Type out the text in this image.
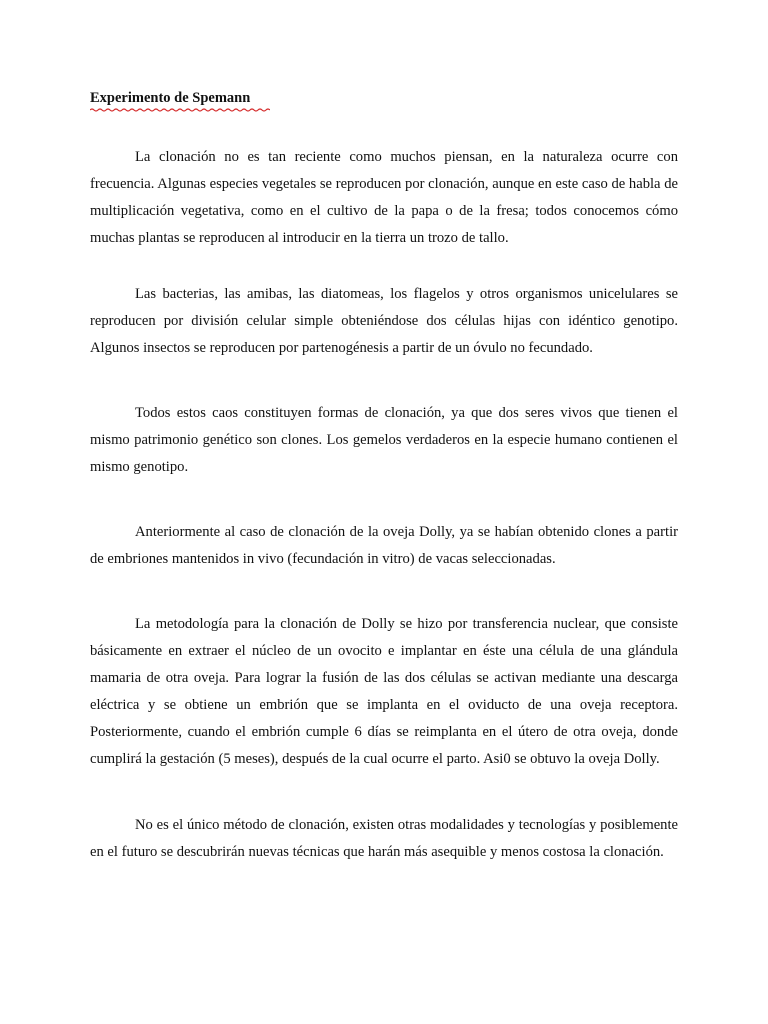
Experimento de Spemann

La clonación no es tan reciente como muchos piensan, en la naturaleza ocurre con frecuencia. Algunas especies vegetales se reproducen por clonación, aunque en este caso de habla de multiplicación vegetativa, como en el cultivo de la papa o de la fresa; todos conocemos cómo muchas plantas se reproducen al introducir en la tierra un trozo de tallo.

Las bacterias, las amibas, las diatomeas, los flagelos y otros organismos unicelulares se reproducen por división celular simple obteniéndose dos células hijas con idéntico genotipo. Algunos insectos se reproducen por partenogénesis a partir de un óvulo no fecundado.

Todos estos caos constituyen formas de clonación, ya que dos seres vivos que tienen el mismo patrimonio genético son clones. Los gemelos verdaderos en la especie humano contienen el mismo genotipo.

Anteriormente al caso de clonación de la oveja Dolly, ya se habían obtenido clones a partir de embriones mantenidos in vivo (fecundación in vitro) de vacas seleccionadas.

La metodología para la clonación de Dolly se hizo por transferencia nuclear, que consiste básicamente en extraer el núcleo de un ovocito e implantar en éste una célula de una glándula mamaria de otra oveja. Para lograr la fusión de las dos células se activan mediante una descarga eléctrica y se obtiene un embrión que se implanta en el oviducto de una oveja receptora. Posteriormente, cuando el embrión cumple 6 días se reimplanta en el útero de otra oveja, donde cumplirá la gestación (5 meses), después de la cual ocurre el parto. Asi0 se obtuvo la oveja Dolly.

No es el único método de clonación, existen otras modalidades y tecnologías y posiblemente en el futuro se descubrirán nuevas técnicas que harán más asequible y menos costosa la clonación.
